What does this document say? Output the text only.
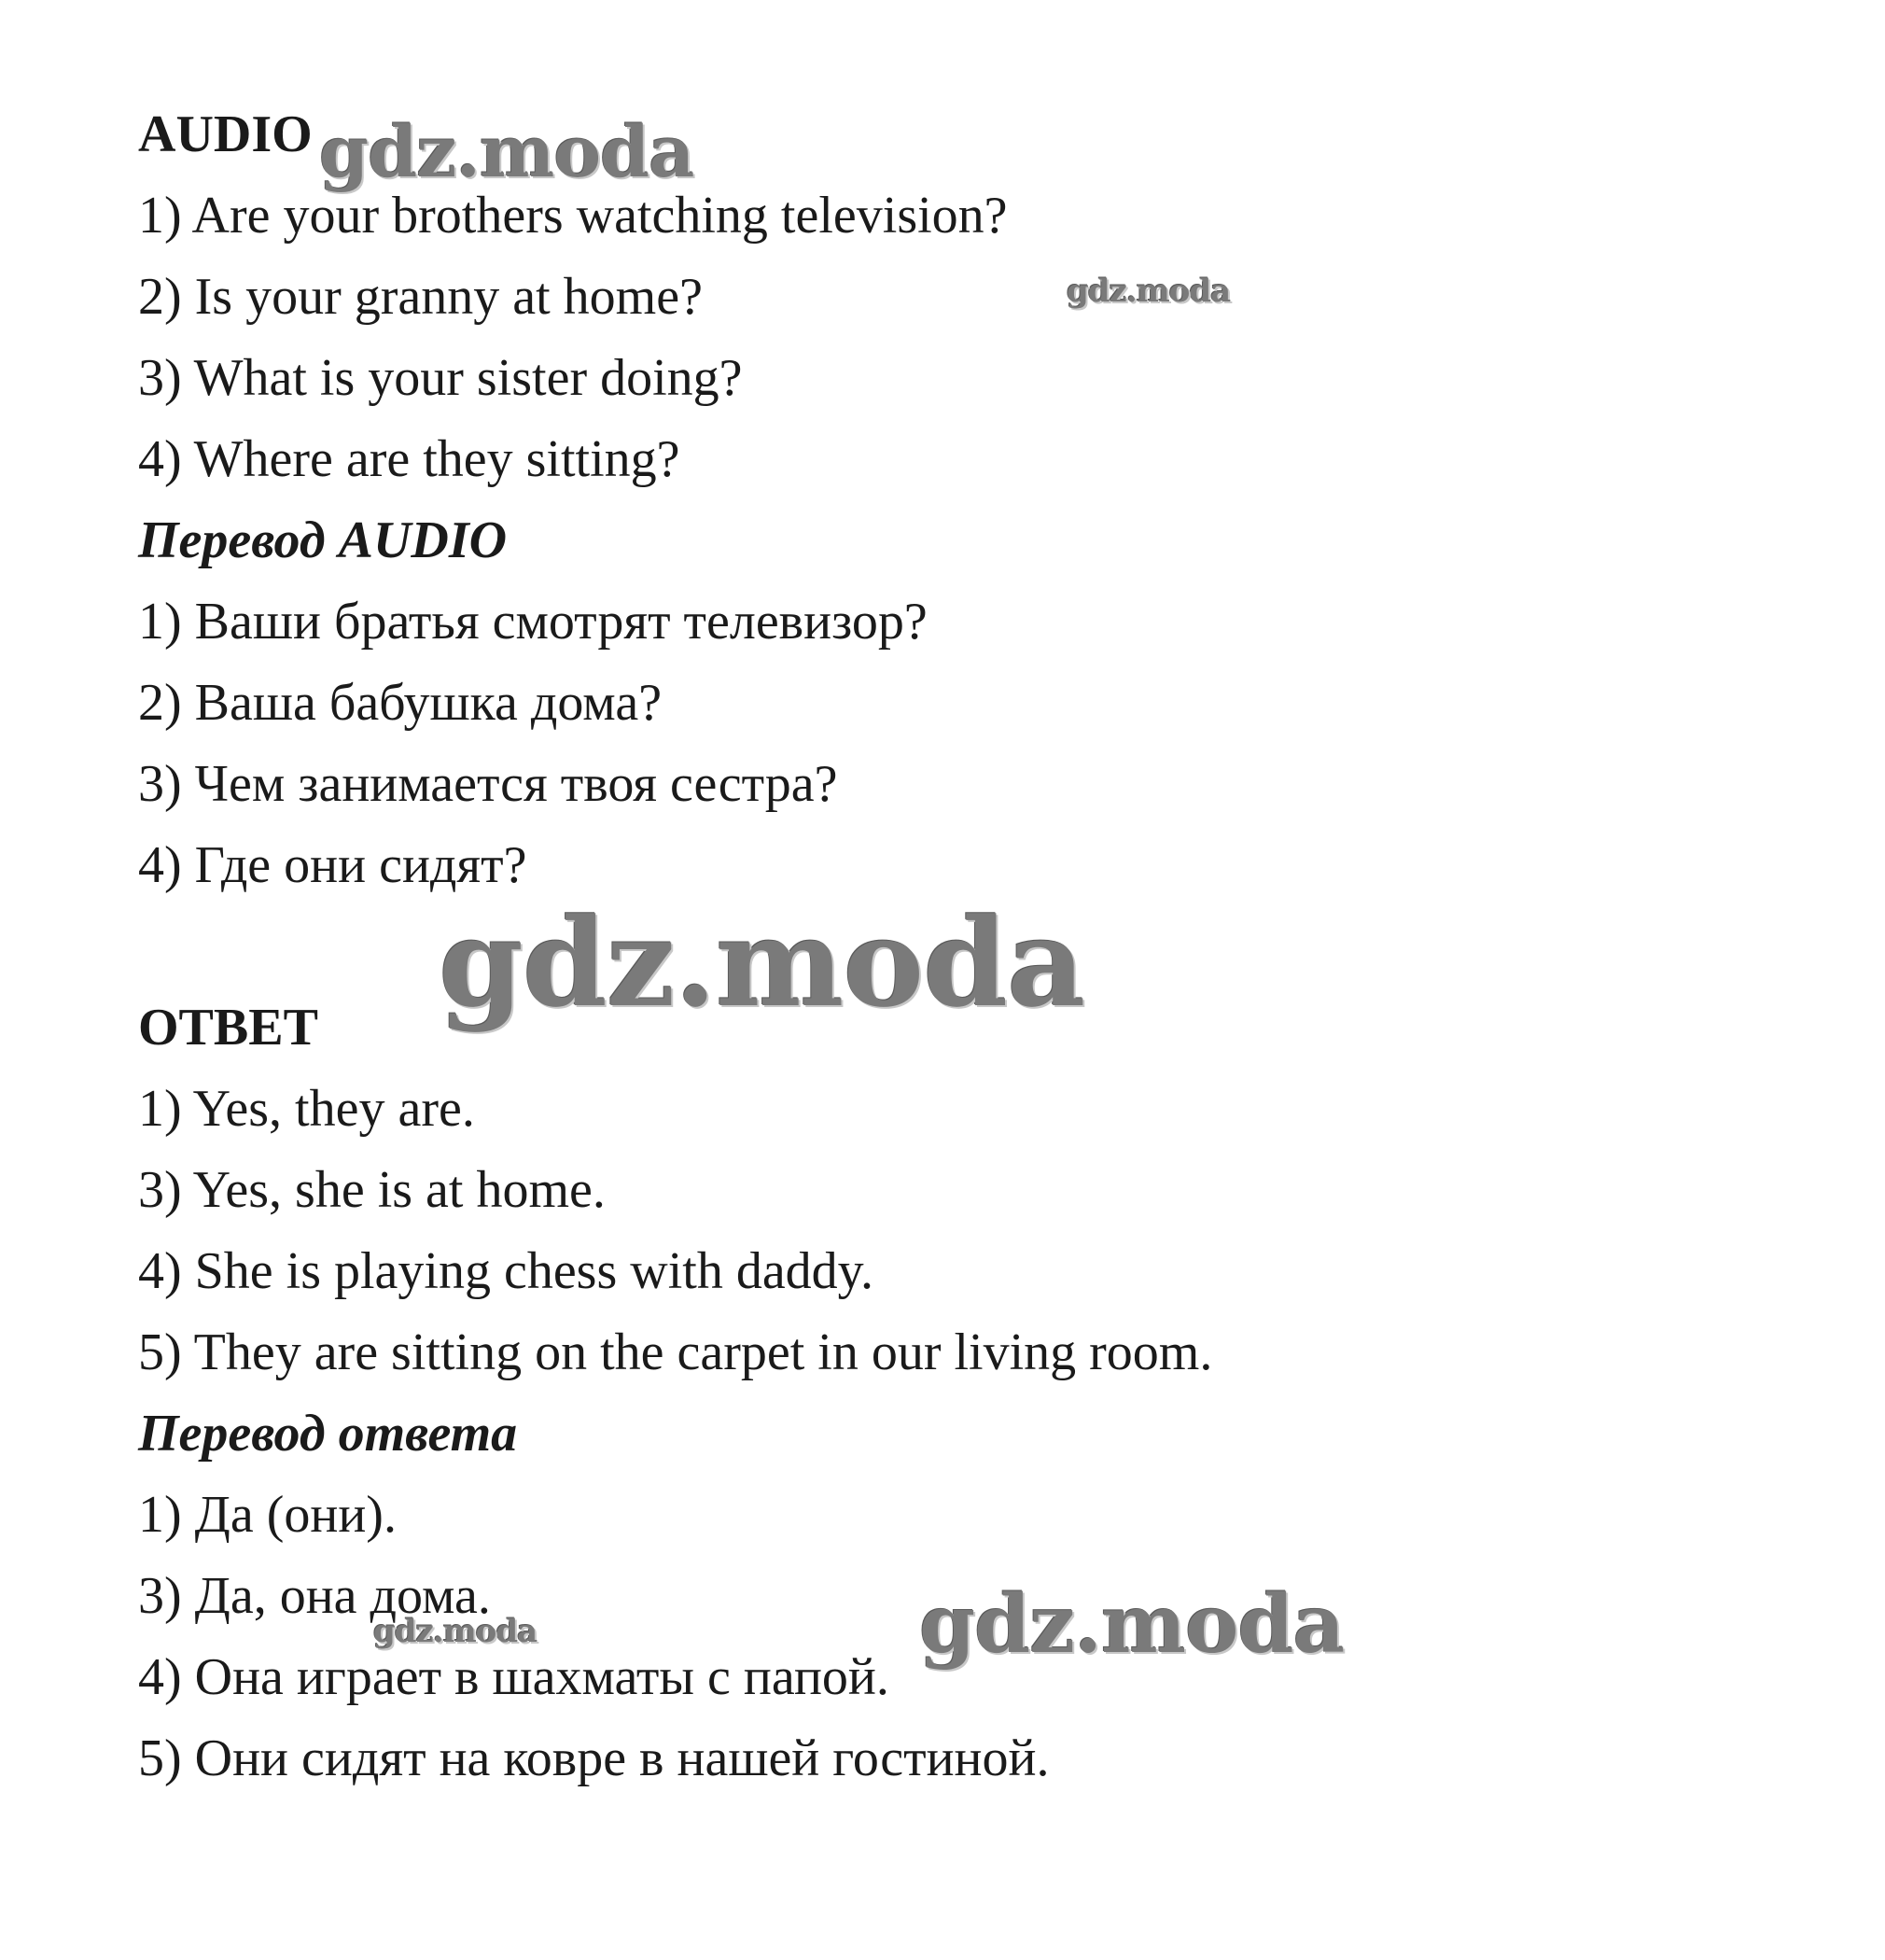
AUDIO
1) Are your brothers watching television?
2) Is your granny at home?
3) What is your sister doing?
4) Where are they sitting?
Перевод AUDIO
1) Ваши братья смотрят телевизор?
2) Ваша бабушка дома?
3) Чем занимается твоя сестра?
4) Где они сидят?
ОТВЕТ
1) Yes, they are.
3) Yes, she is at home.
4) She is playing chess with daddy.
5) They are sitting on the carpet in our living room.
Перевод ответа
1) Да (они).
3) Да, она дома.
4) Она играет в шахматы с папой.
5) Они сидят на ковре в нашей гостиной.
gdz.moda
gdz.moda
gdz.moda
gdz.moda	gdz.moda
